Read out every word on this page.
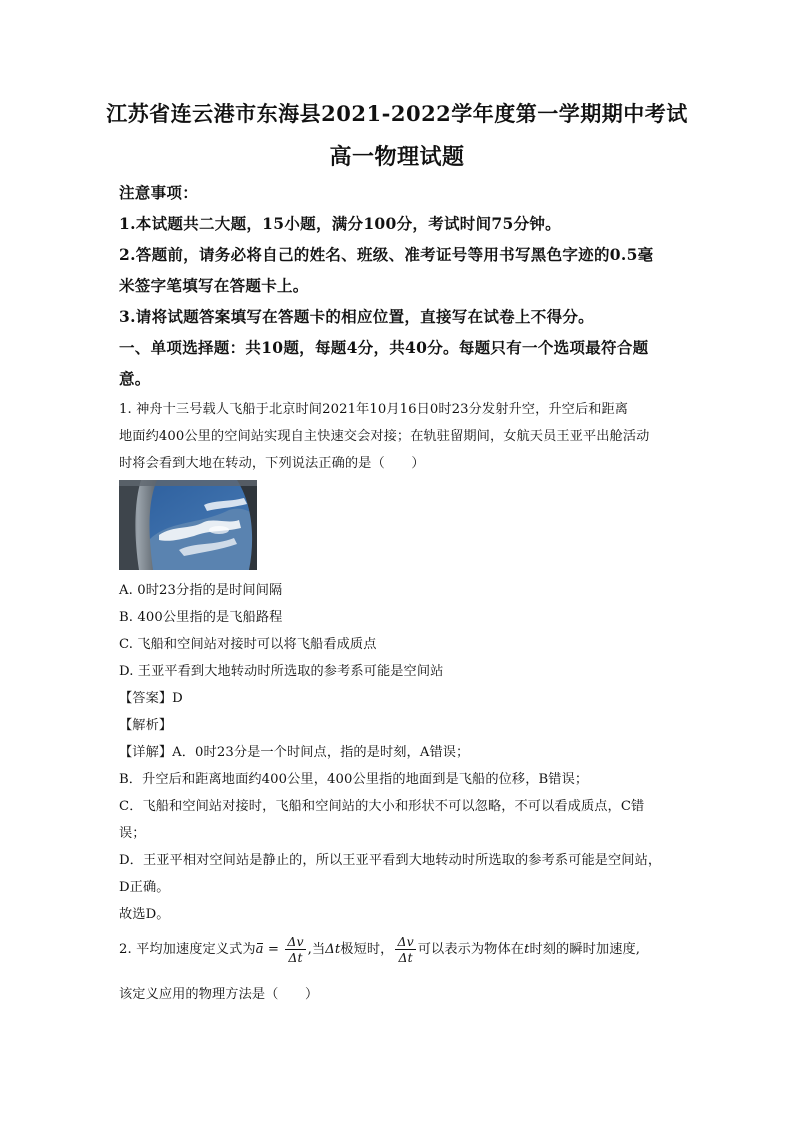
江苏省连云港市东海县2021-2022学年度第一学期期中考试
高一物理试题
注意事项：
1.本试题共二大题，15小题，满分100分，考试时间75分钟。
2.答题前，请务必将自己的姓名、班级、准考证号等用书写黑色字迹的0.5毫
米签字笔填写在答题卡上。
3.请将试题答案填写在答题卡的相应位置，直接写在试卷上不得分。
一、单项选择题：共10题，每题4分，共40分。每题只有一个选项最符合题
意。
1. 神舟十三号载人飞船于北京时间2021年10月16日0时23分发射升空，升空后和距离
地面约400公里的空间站实现自主快速交会对接；在轨驻留期间，女航天员王亚平出舱活动
时将会看到大地在转动，下列说法正确的是（　　）
A. 0时23分指的是时间间隔
B. 400公里指的是飞船路程
C. 飞船和空间站对接时可以将飞船看成质点
D. 王亚平看到大地转动时所选取的参考系可能是空间站
【答案】D
【解析】
【详解】A．0时23分是一个时间点，指的是时刻，A错误；
B．升空后和距离地面约400公里，400公里指的地面到是飞船的位移，B错误；
C．飞船和空间站对接时，飞船和空间站的大小和形状不可以忽略，不可以看成质点，C错
误；
D．王亚平相对空间站是静止的，所以王亚平看到大地转动时所选取的参考系可能是空间站，
D正确。
故选D。
2. 平均加速度定义式为$a = \frac{\Delta v}{\Delta t}$ ,当Δt极短时， $\frac{\Delta v}{\Delta t}$ 可以表示为物体在t时刻的瞬时加速度,
该定义应用的物理方法是（　　）
